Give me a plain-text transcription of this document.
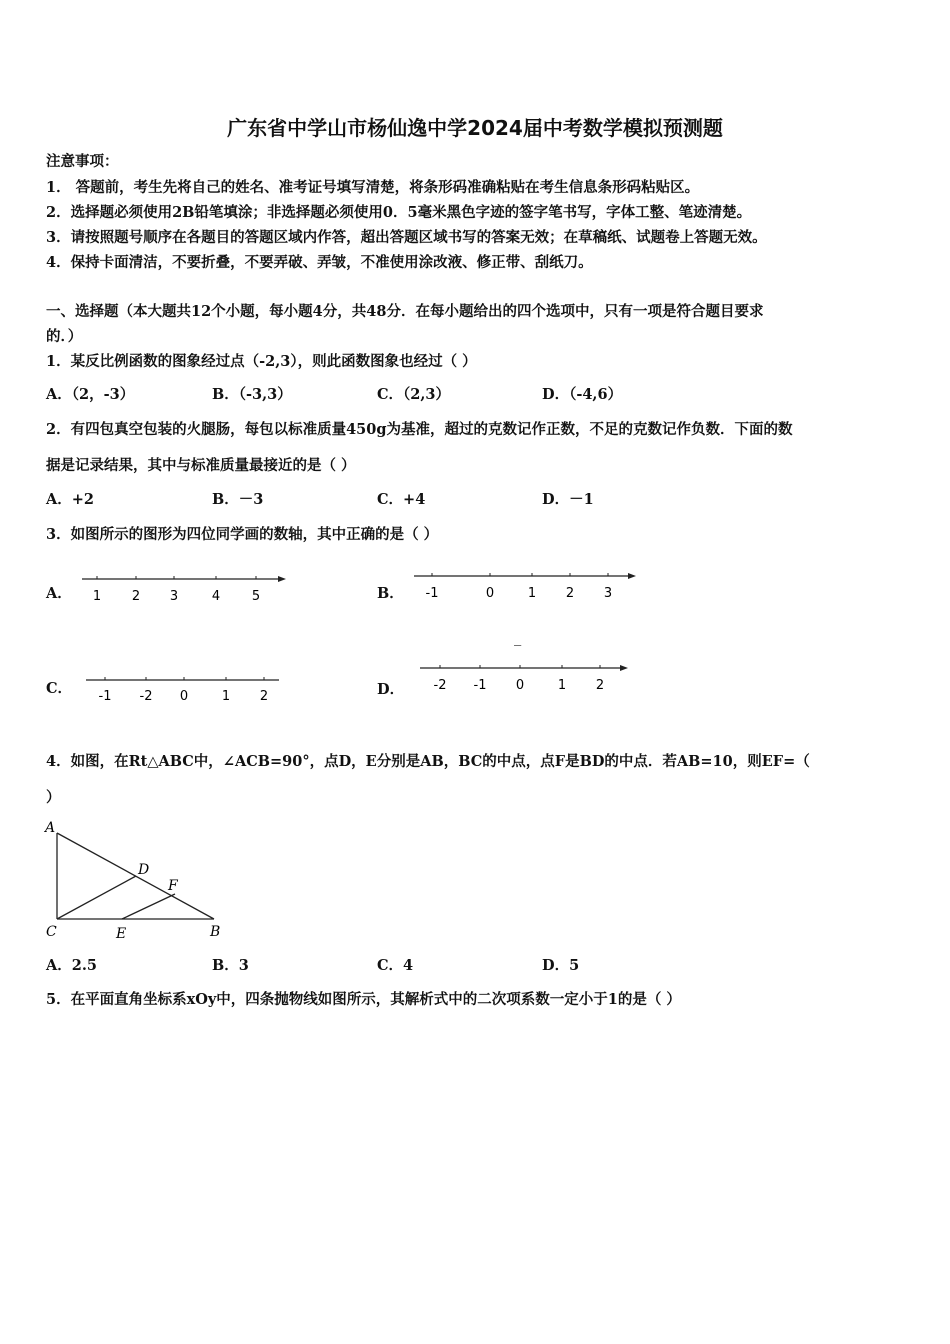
广东省中学山市杨仙逸中学2024届中考数学模拟预测题
注意事项：
1． 答题前，考生先将自己的姓名、准考证号填写清楚，将条形码准确粘贴在考生信息条形码粘贴区。
2．选择题必须使用2B铅笔填涂；非选择题必须使用0．5毫米黑色字迹的签字笔书写，字体工整、笔迹清楚。
3．请按照题号顺序在各题目的答题区域内作答，超出答题区域书写的答案无效；在草稿纸、试题卷上答题无效。
4．保持卡面清洁，不要折叠，不要弄破、弄皱，不准使用涂改液、修正带、刮纸刀。
一、选择题（本大题共12个小题，每小题4分，共48分．在每小题给出的四个选项中，只有一项是符合题目要求
的．）
1．某反比例函数的图象经过点（-2,3），则此函数图象也经过（ ）
A．（2，-3）	B．（-3,3）	C．（2,3）	D．（-4,6）
2．有四包真空包装的火腿肠，每包以标准质量450g为基准，超过的克数记作正数，不足的克数记作负数．下面的数
据是记录结果，其中与标准质量最接近的是（ ）
A．+2	B．－3	C．+4	D．－1
3．如图所示的图形为四位同学画的数轴，其中正确的是（ ）
A． 1 2 3	4 5	B． -1	0	1 2 3
_
C． -1 -2 0	1 2	D． -2 -1 0	1 2
4．如图，在Rt△ABC中，∠ACB=90°，点D，E分别是AB，BC的中点，点F是BD的中点．若AB=10，则EF=（
）
A
D
F
C	E	B
A．2.5	B．3	C．4	D．5
5．在平面直角坐标系xOy中，四条抛物线如图所示，其解析式中的二次项系数一定小于1的是（ ）
